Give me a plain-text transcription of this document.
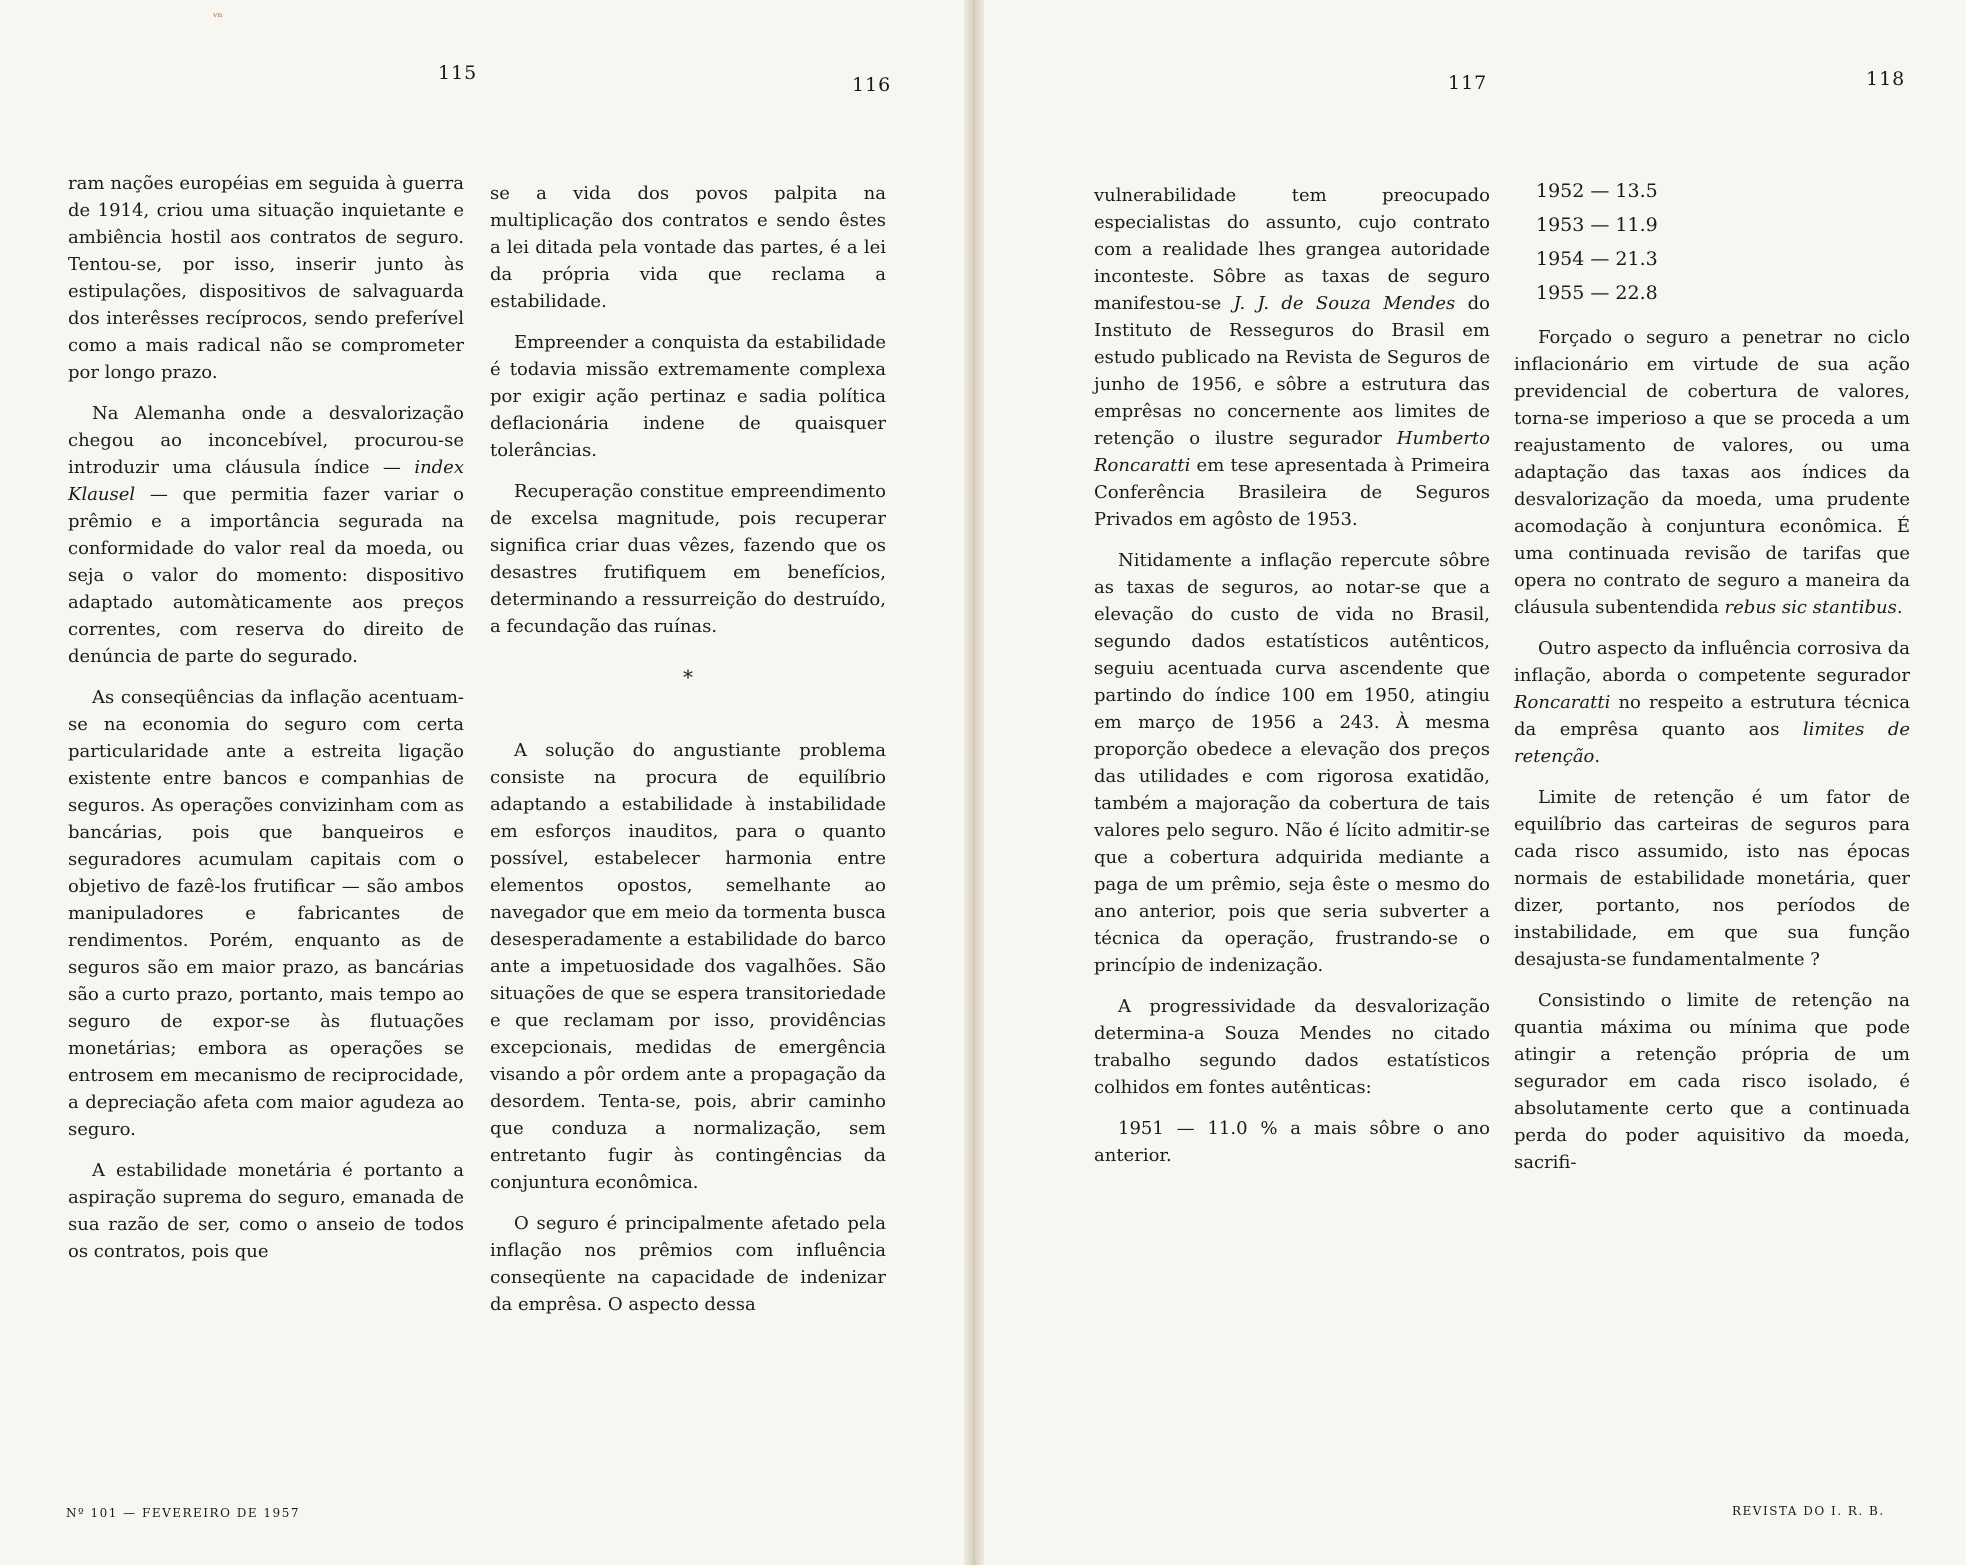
ᵛⁿ
115
116	117	118

ram nações européias em seguida à guerra de 1914, criou uma situação inquietante e ambiência hostil aos contratos de seguro. Tentou-se, por isso, inserir junto às estipulações, dispositivos de salvaguarda dos interêsses recíprocos, sendo preferível como a mais radical não se comprometer por longo prazo.

Na Alemanha onde a desvalorização chegou ao inconcebível, procurou-se introduzir uma cláusula índice — index Klausel — que permitia fazer variar o prêmio e a importância segurada na conformidade do valor real da moeda, ou seja o valor do momento: dispositivo adaptado automàticamente aos preços correntes, com reserva do direito de denúncia de parte do segurado.

As conseqüências da inflação acentuam-se na economia do seguro com certa particularidade ante a estreita ligação existente entre bancos e companhias de seguros. As operações convizinham com as bancárias, pois que banqueiros e seguradores acumulam capitais com o objetivo de fazê-los frutificar — são ambos manipuladores e fabricantes de rendimentos. Porém, enquanto as de seguros são em maior prazo, as bancárias são a curto prazo, portanto, mais tempo ao seguro de expor-se às flutuações monetárias; embora as operações se entrosem em mecanismo de reciprocidade, a depreciação afeta com maior agudeza ao seguro.

A estabilidade monetária é portanto a aspiração suprema do seguro, emanada de sua razão de ser, como o anseio de todos os contratos, pois que

se a vida dos povos palpita na multiplicação dos contratos e sendo êstes a lei ditada pela vontade das partes, é a lei da própria vida que reclama a estabilidade.

Empreender a conquista da estabilidade é todavia missão extremamente complexa por exigir ação pertinaz e sadia política deflacionária indene de quaisquer tolerâncias.

Recuperação constitue empreendimento de excelsa magnitude, pois recuperar significa criar duas vêzes, fazendo que os desastres frutifiquem em benefícios, determinando a ressurreição do destruído, a fecundação das ruínas.

*

A solução do angustiante problema consiste na procura de equilíbrio adaptando a estabilidade à instabilidade em esforços inauditos, para o quanto possível, estabelecer harmonia entre elementos opostos, semelhante ao navegador que em meio da tormenta busca desesperadamente a estabilidade do barco ante a impetuosidade dos vagalhões. São situações de que se espera transitoriedade e que reclamam por isso, providências excepcionais, medidas de emergência visando a pôr ordem ante a propagação da desordem. Tenta-se, pois, abrir caminho que conduza a normalização, sem entretanto fugir às contingências da conjuntura econômica.

O seguro é principalmente afetado pela inflação nos prêmios com influência conseqüente na capacidade de indenizar da emprêsa. O aspecto dessa

vulnerabilidade tem preocupado especialistas do assunto, cujo contrato com a realidade lhes grangea autoridade inconteste. Sôbre as taxas de seguro manifestou-se J. J. de Souza Mendes do Instituto de Resseguros do Brasil em estudo publicado na Revista de Seguros de junho de 1956, e sôbre a estrutura das emprêsas no concernente aos limites de retenção o ilustre segurador Humberto Roncaratti em tese apresentada à Primeira Conferência Brasileira de Seguros Privados em agôsto de 1953.

Nitidamente a inflação repercute sôbre as taxas de seguros, ao notar-se que a elevação do custo de vida no Brasil, segundo dados estatísticos autênticos, seguiu acentuada curva ascendente que partindo do índice 100 em 1950, atingiu em março de 1956 a 243. À mesma proporção obedece a elevação dos preços das utilidades e com rigorosa exatidão, também a majoração da cobertura de tais valores pelo seguro. Não é lícito admitir-se que a cobertura adquirida mediante a paga de um prêmio, seja êste o mesmo do ano anterior, pois que seria subverter a técnica da operação, frustrando-se o princípio de indenização.

A progressividade da desvalorização determina-a Souza Mendes no citado trabalho segundo dados estatísticos colhidos em fontes autênticas:

1951 — 11.0 % a mais sôbre o ano anterior.

1952 — 13.5

1953 — 11.9

1954 — 21.3

1955 — 22.8

Forçado o seguro a penetrar no ciclo inflacionário em virtude de sua ação previdencial de cobertura de valores, torna-se imperioso a que se proceda a um reajustamento de valores, ou uma adaptação das taxas aos índices da desvalorização da moeda, uma prudente acomodação à conjuntura econômica. É uma continuada revisão de tarifas que opera no contrato de seguro a maneira da cláusula subentendida rebus sic stantibus.

Outro aspecto da influência corrosiva da inflação, aborda o competente segurador Roncaratti no respeito a estrutura técnica da emprêsa quanto aos limites de retenção.

Limite de retenção é um fator de equilíbrio das carteiras de seguros para cada risco assumido, isto nas épocas normais de estabilidade monetária, quer dizer, portanto, nos períodos de instabilidade, em que sua função desajusta-se fundamentalmente ?

Consistindo o limite de retenção na quantia máxima ou mínima que pode atingir a retenção própria de um segurador em cada risco isolado, é absolutamente certo que a continuada perda do poder aquisitivo da moeda, sacrifi-

Nº 101 — FEVEREIRO DE 1957	REVISTA DO I. R. B.
